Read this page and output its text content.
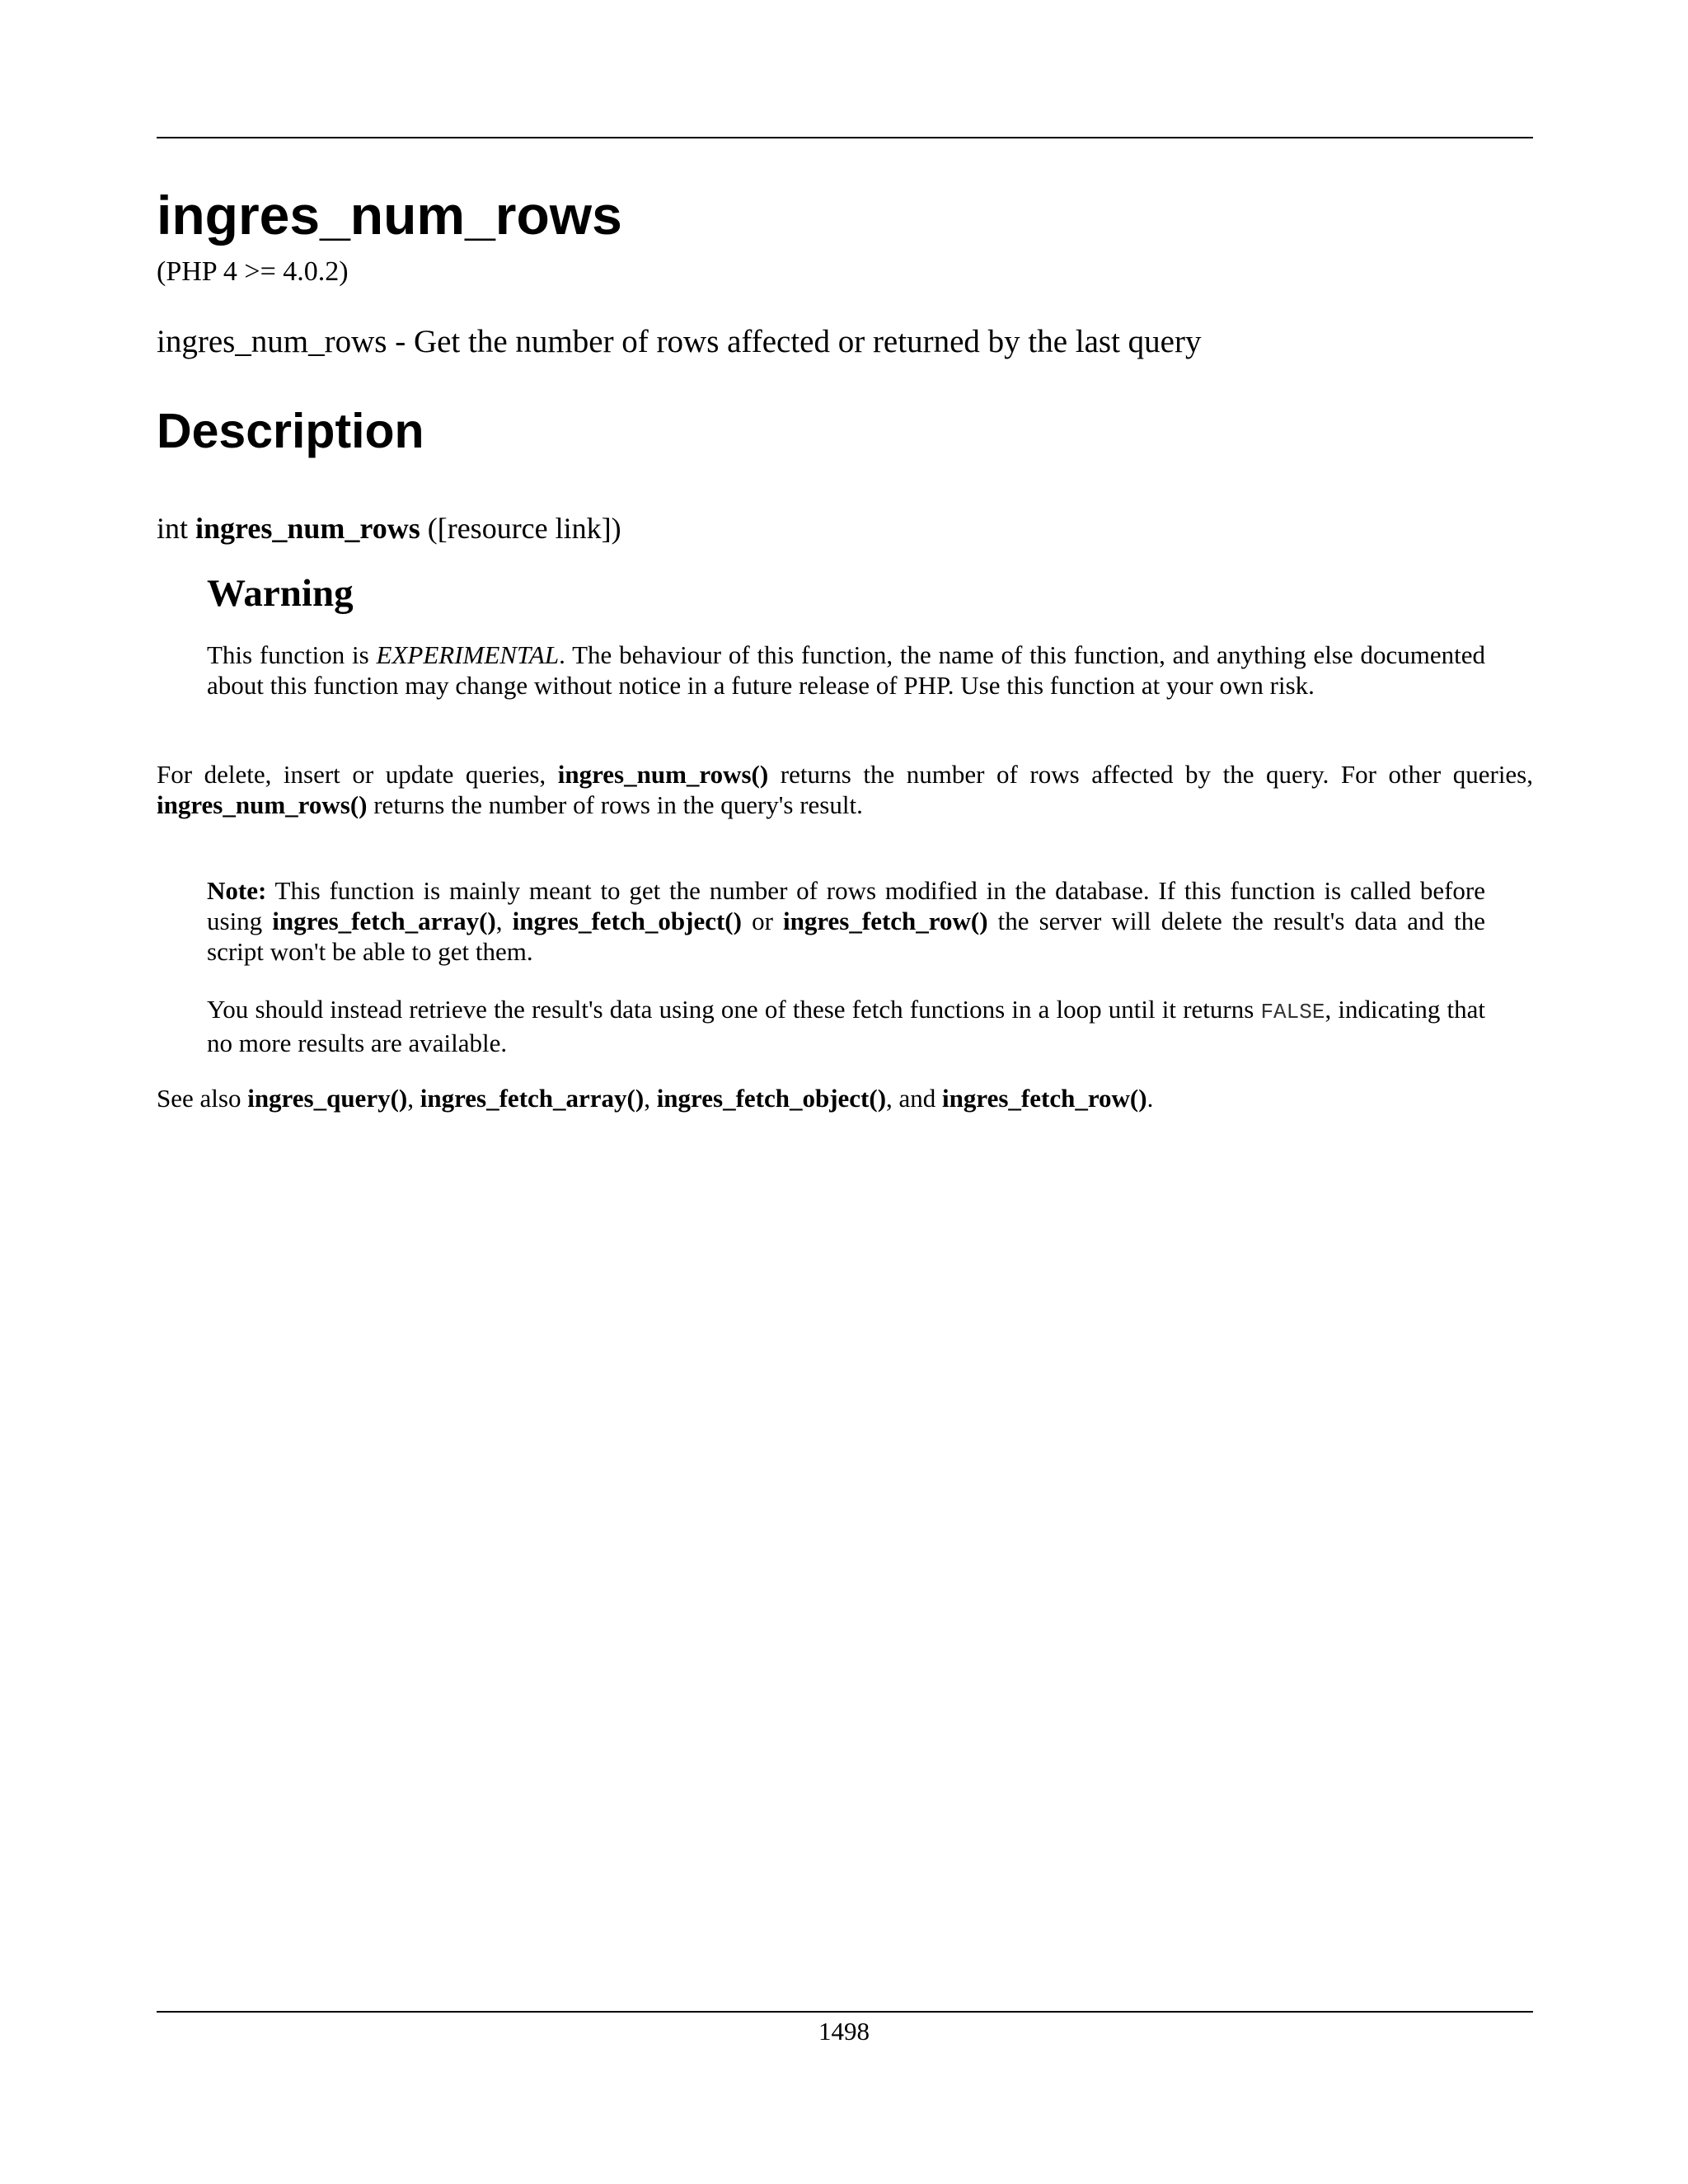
ingres_num_rows
(PHP 4 >= 4.0.2)
ingres_num_rows - Get the number of rows affected or returned by the last query
Description
int ingres_num_rows ([resource link])
Warning
This function is EXPERIMENTAL. The behaviour of this function, the name of this function, and anything else documented about this function may change without notice in a future release of PHP. Use this function at your own risk.
For delete, insert or update queries, ingres_num_rows() returns the number of rows affected by the query. For other queries, ingres_num_rows() returns the number of rows in the query's result.
Note: This function is mainly meant to get the number of rows modified in the database. If this function is called before using ingres_fetch_array(), ingres_fetch_object() or ingres_fetch_row() the server will delete the result's data and the script won't be able to get them.
You should instead retrieve the result's data using one of these fetch functions in a loop until it returns FALSE, indicating that no more results are available.
See also ingres_query(), ingres_fetch_array(), ingres_fetch_object(), and ingres_fetch_row().
1498
